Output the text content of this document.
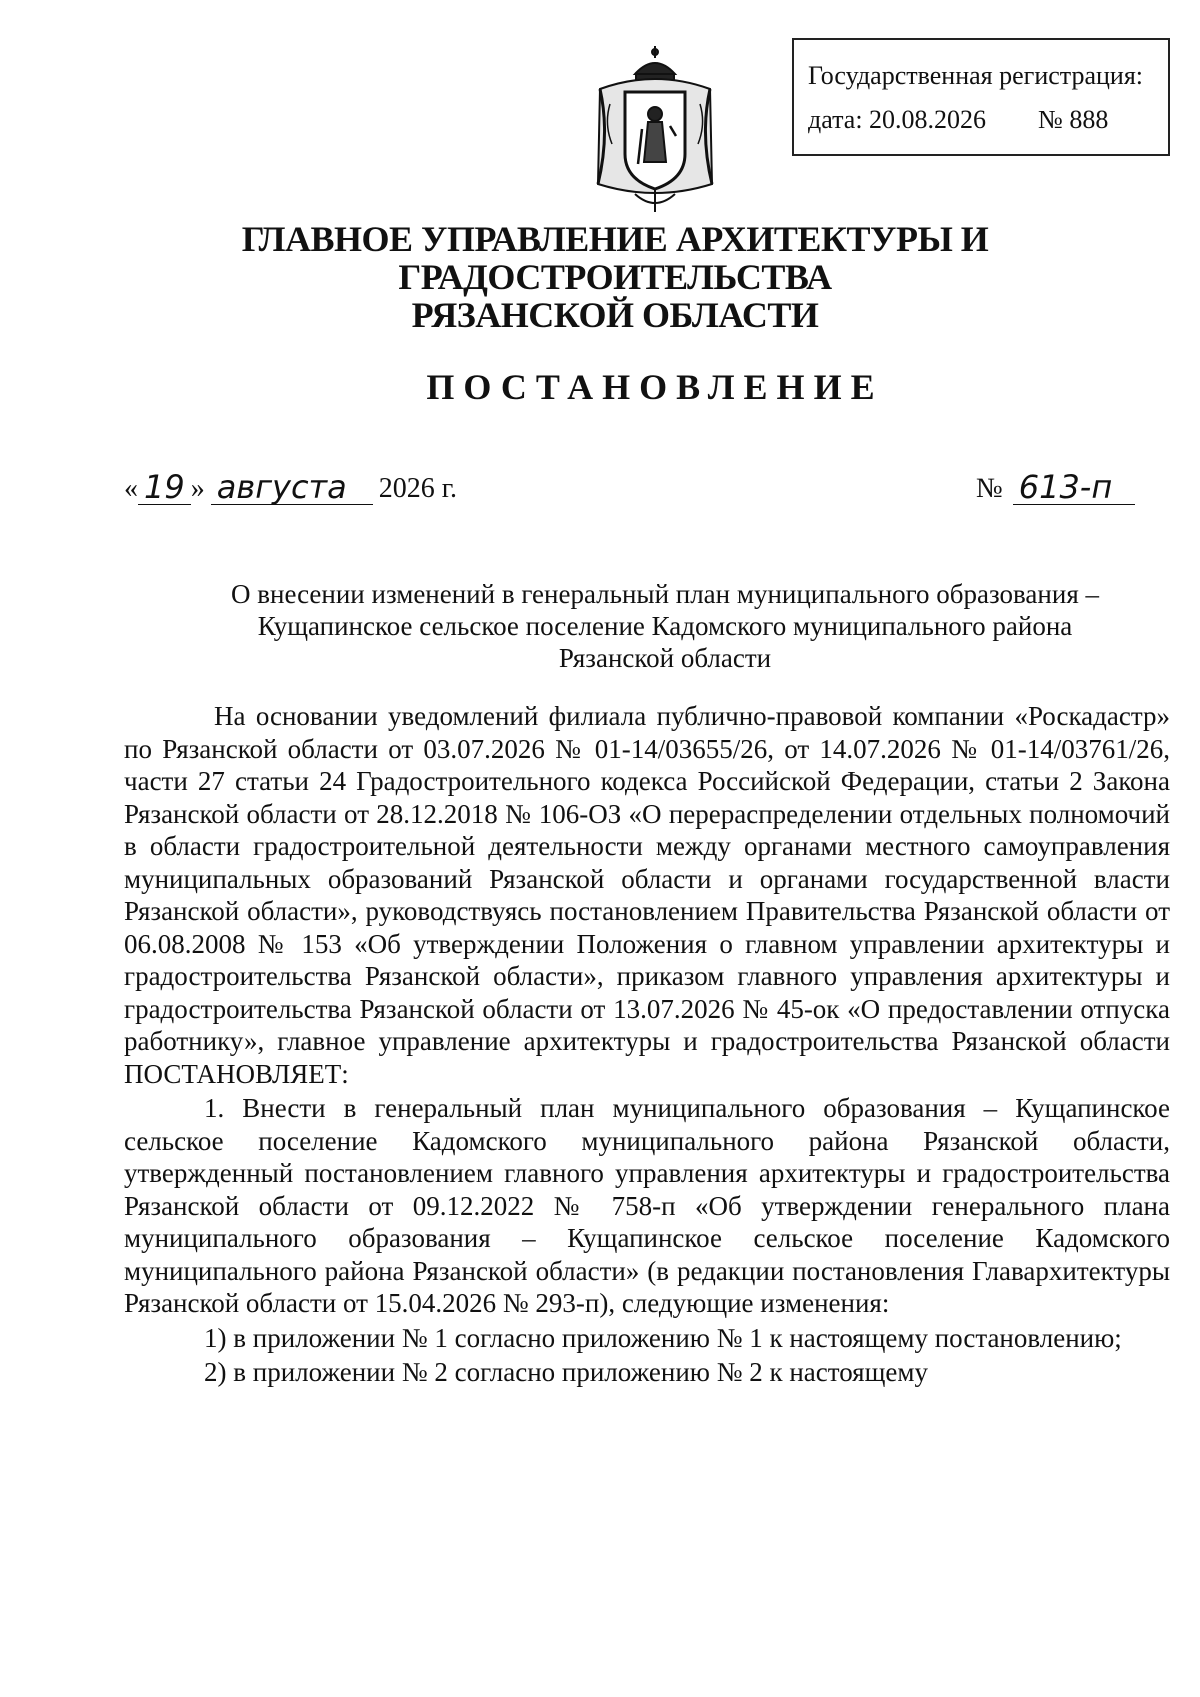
Государственная регистрация:
дата: 20.08.2026 № 888
ГЛАВНОЕ УПРАВЛЕНИЕ АРХИТЕКТУРЫ И ГРАДОСТРОИТЕЛЬСТВА
РЯЗАНСКОЙ ОБЛАСТИ
ПОСТАНОВЛЕНИЕ
« 19 » августа	2026 г.	№ 613-п
О внесении изменений в генеральный план муниципального образования –
Кущапинское сельское поселение Кадомского муниципального района
Рязанской области

На основании уведомлений филиала публично-правовой компании «Роскадастр» по Рязанской области от 03.07.2026 № 01-14/03655/26, от 14.07.2026 № 01-14/03761/26, части 27 статьи 24 Градостроительного кодекса Российской Федерации, статьи 2 Закона Рязанской области от 28.12.2018 № 106-ОЗ «О перераспределении отдельных полномочий в области градостроительной деятельности между органами местного самоуправления муниципальных образований Рязанской области и органами государственной власти Рязанской области», руководствуясь постановлением Правительства Рязанской области от 06.08.2008 № 153 «Об утверждении Положения о главном управлении архитектуры и градостроительства Рязанской области», приказом главного управления архитектуры и градостроительства Рязанской области от 13.07.2026 № 45-ок «О предоставлении отпуска работнику», главное управление архитектуры и градостроительства Рязанской области ПОСТАНОВЛЯЕТ:

1. Внести в генеральный план муниципального образования – Кущапинское сельское поселение Кадомского муниципального района Рязанской области, утвержденный постановлением главного управления архитектуры и градостроительства Рязанской области от 09.12.2022 № 758-п «Об утверждении генерального плана муниципального образования – Кущапинское сельское поселение Кадомского муниципального района Рязанской области» (в редакции постановления Главархитектуры Рязанской области от 15.04.2026 № 293-п), следующие изменения:

1) в приложении № 1 согласно приложению № 1 к настоящему постановлению;

2) в приложении № 2 согласно приложению № 2 к настоящему
